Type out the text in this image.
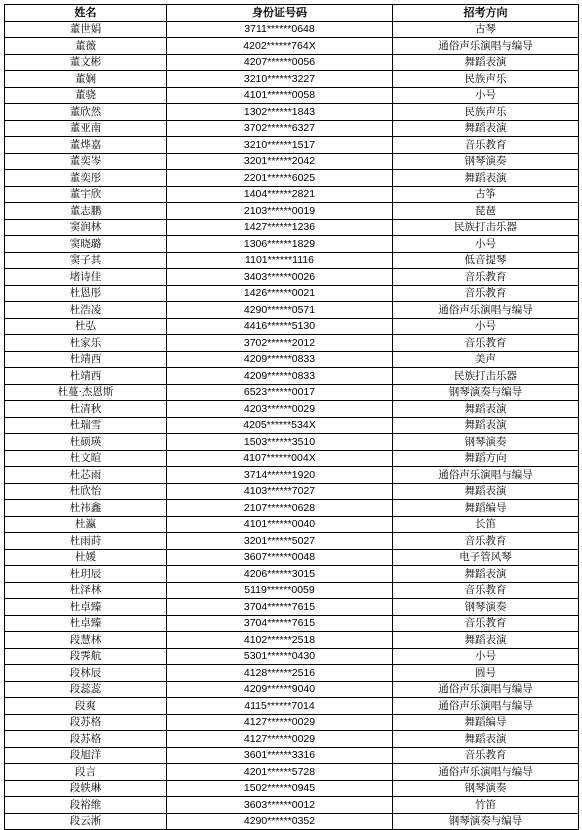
姓名	身份证号码	招考方向
董世娟	3711******0648	古琴
董薇	4202******764X	通俗声乐演唱与编导
董文彬	4207******0056	舞蹈表演
董娴	3210******3227	民族声乐
董骁	4101******0058	小号
董欣然	1302******1843	民族声乐
董亚南	3702******6327	舞蹈表演
董烨嘉	3210******1517	音乐教育
董奕岑	3201******2042	钢琴演奏
董奕彤	2201******6025	舞蹈表演
董宇欣	1404******2821	古筝
董志鹏	2103******0019	琵琶
窦润林	1427******1236	民族打击乐器
窦晓璐	1306******1829	小号
窦子其	1101******1116	低音提琴
堵诗佳	3403******0026	音乐教育
杜恩彤	1426******0021	音乐教育
杜浩凌	4290******0571	通俗声乐演唱与编导
杜弘	4416******5130	小号
杜家乐	3702******2012	音乐教育
杜靖西	4209******0833	美声
杜靖西	4209******0833	民族打击乐器
杜蔓·杰恩斯	6523******0017	钢琴演奏与编导
杜清秋	4203******0029	舞蹈表演
杜瑞雪	4205******534X	舞蹈表演
杜硕瑛	1503******3510	钢琴演奏
杜文暄	4107******004X	舞蹈方向
杜芯雨	3714******1920	通俗声乐演唱与编导
杜欣怡	4103******7027	舞蹈表演
杜祎鑫	2107******0628	舞蹈编导
杜瀛	4101******0040	长笛
杜雨莳	3201******5027	音乐教育
杜媛	3607******0048	电子管风琴
杜玥辰	4206******3015	舞蹈表演
杜泽林	5119******0059	音乐教育
杜卓臻	3704******7615	钢琴演奏
杜卓臻	3704******7615	音乐教育
段慧林	4102******2518	舞蹈表演
段霁航	5301******0430	小号
段林辰	4128******2516	圆号
段蕊蕊	4209******9040	通俗声乐演唱与编导
段爽	4115******7014	通俗声乐演唱与编导
段苏格	4127******0029	舞蹈编导
段苏格	4127******0029	舞蹈表演
段旭洋	3601******3316	音乐教育
段言	4201******5728	通俗声乐演唱与编导
段轶琳	1502******0945	钢琴演奏
段裕维	3603******0012	竹笛
段云淅	4290******0352	钢琴演奏与编导
